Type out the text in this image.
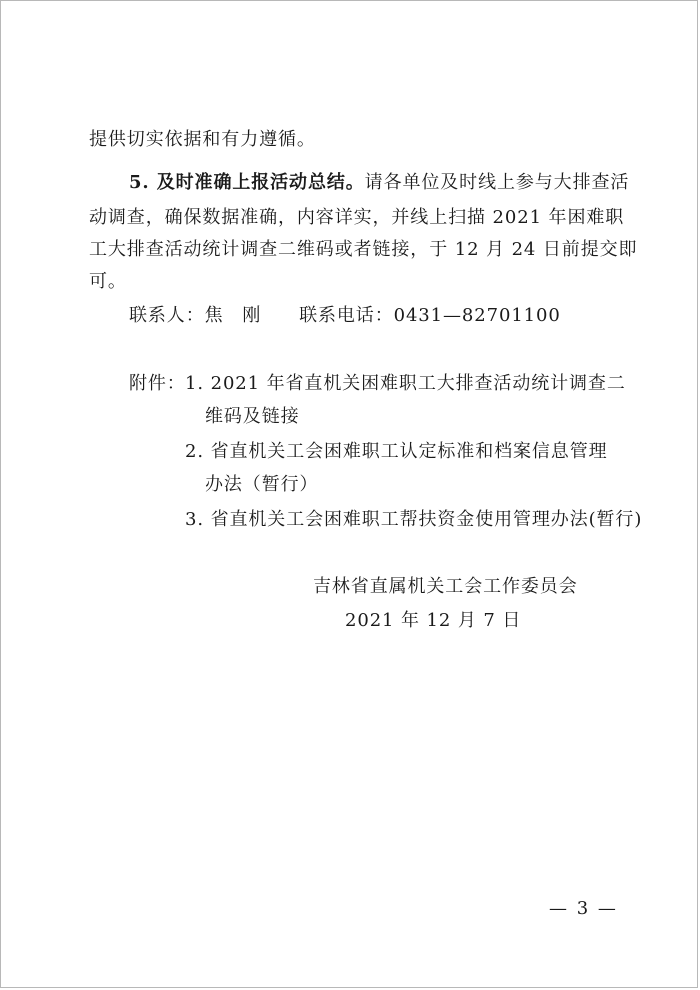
提供切实依据和有力遵循。
5. 及时准确上报活动总结。请各单位及时线上参与大排查活
动调查，确保数据准确，内容详实，并线上扫描 2021 年困难职
工大排查活动统计调查二维码或者链接，于 12 月 24 日前提交即
可。
联系人：焦　刚　　联系电话：0431—82701100
附件： 1. 2021 年省直机关困难职工大排查活动统计调查二
维码及链接
2. 省直机关工会困难职工认定标准和档案信息管理
办法（暂行）
3. 省直机关工会困难职工帮扶资金使用管理办法(暂行)
吉林省直属机关工会工作委员会
2021 年 12 月 7 日
— 3 —
